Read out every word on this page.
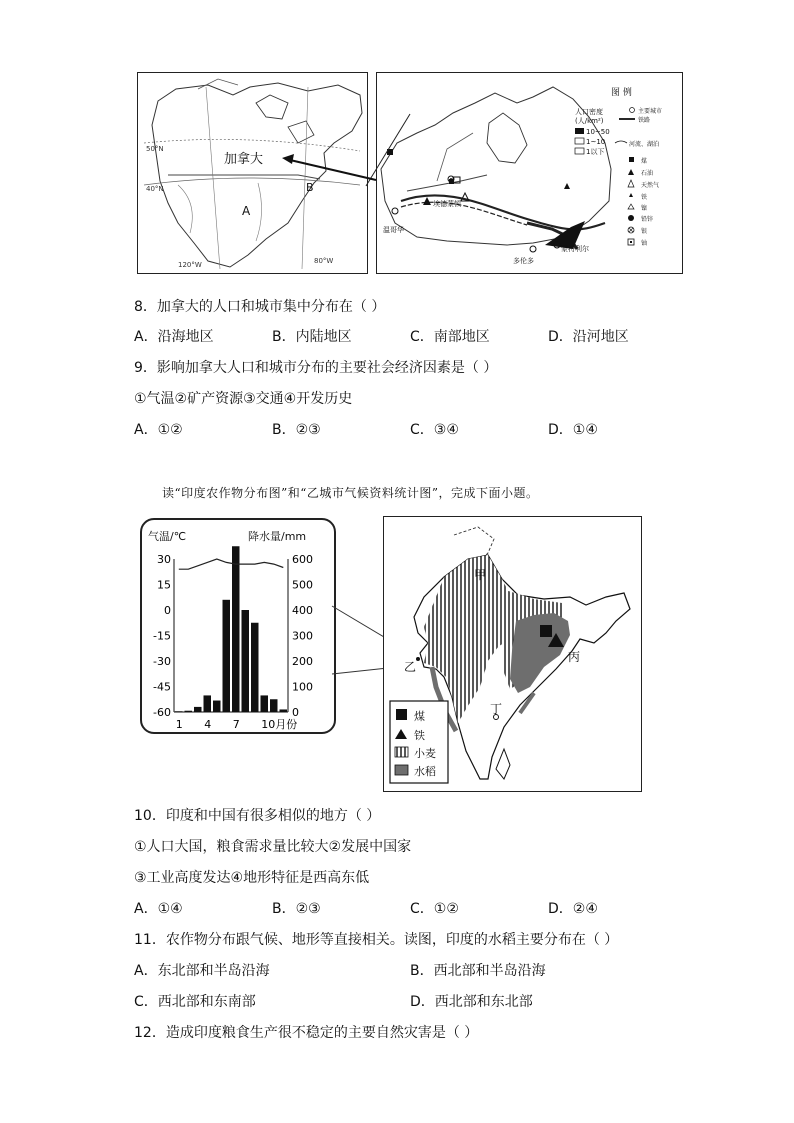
50°N
40°N
加拿大
A
B
120°W	80°W
埃德蒙顿
温哥华
蒙特利尔
多伦多
图 例
人口密度
(人/km²)
10~50
1~10
1以下
主要城市
铁路
河流、湖泊
煤
石油
天然气
铁
镍
铅锌
银
铀
8．加拿大的人口和城市集中分布在（ ）
A．沿海地区	B．内陆地区	C．南部地区	D．沿河地区
9．影响加拿大人口和城市分布的主要社会经济因素是（ ）
①气温②矿产资源③交通④开发历史
A．①②	B．②③	C．③④	D．①④
读“印度农作物分布图”和“乙城市气候资料统计图”，完成下面小题。
气温/℃	降水量/mm
30
15
0
-15
-30
-45
-60
600
500
400
300
200
100
0
1 4 7 10月份
甲
乙
丙
丁
煤
铁
小麦
水稻
10．印度和中国有很多相似的地方（ ）
①人口大国，粮食需求量比较大②发展中国家
③工业高度发达④地形特征是西高东低
A．①④	B．②③	C．①②	D．②④
11．农作物分布跟气候、地形等直接相关。读图，印度的水稻主要分布在（ ）
A．东北部和半岛沿海	B．西北部和半岛沿海
C．西北部和东南部	D．西北部和东北部
12．造成印度粮食生产很不稳定的主要自然灾害是（ ）
